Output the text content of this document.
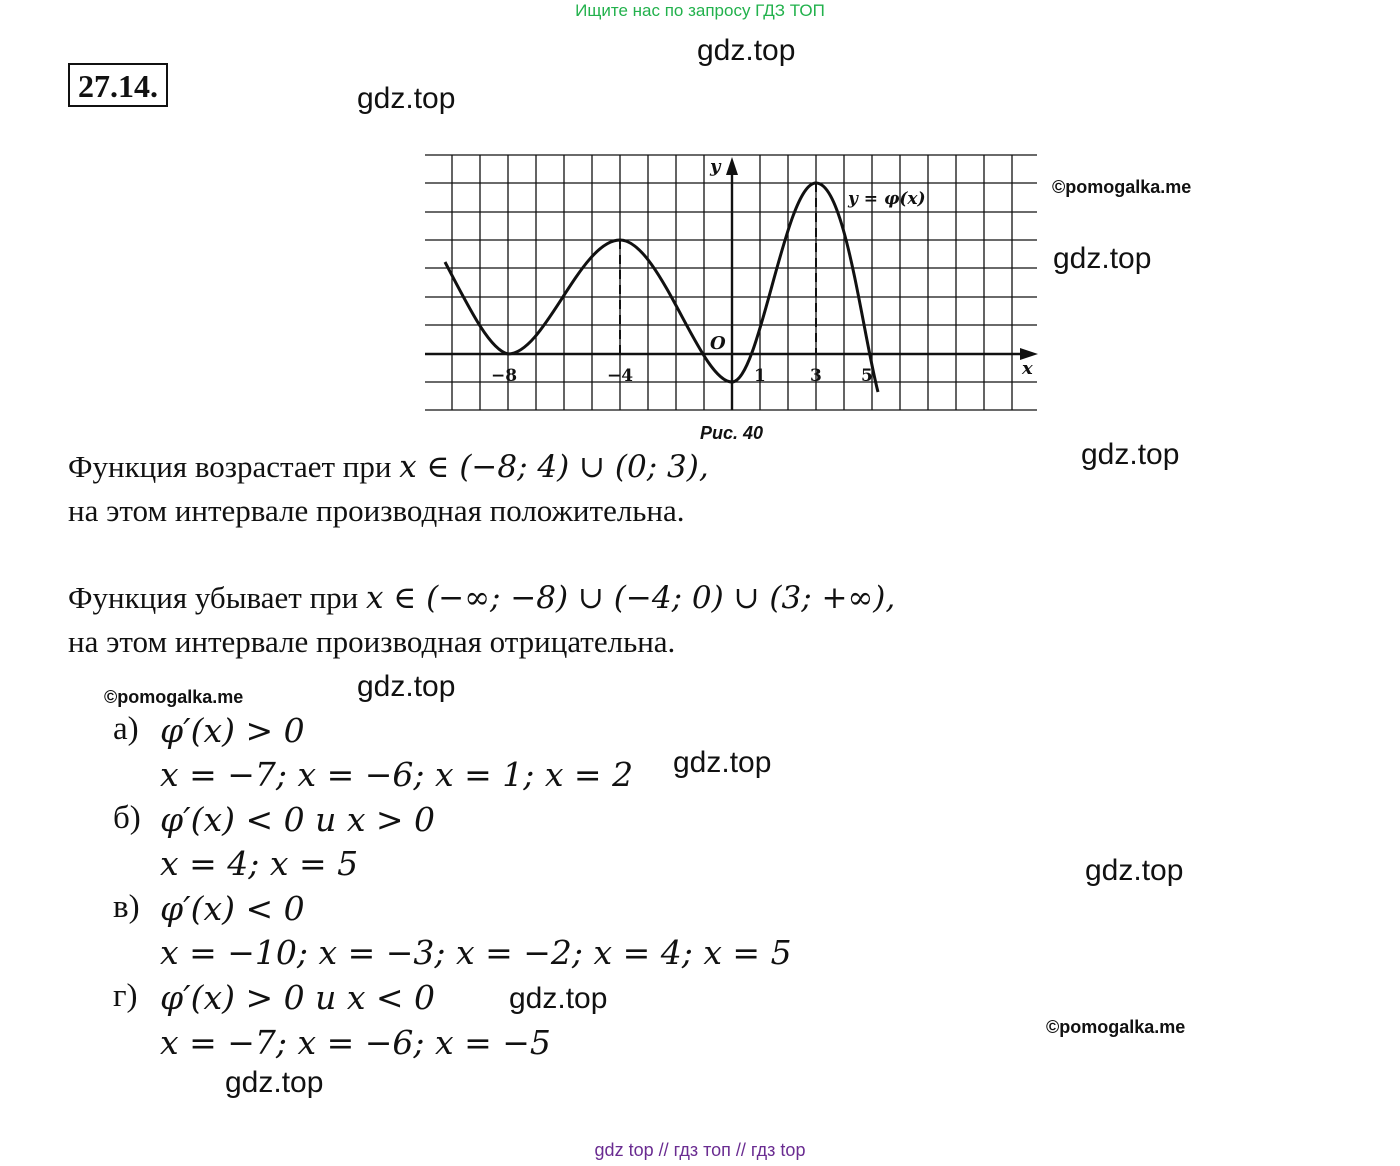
Ищите нас по запросу ГДЗ ТОП
27.14.
gdz.top
gdz.top
gdz.top
gdz.top
gdz.top
gdz.top
gdz.top
gdz.top
gdz.top
©pomogalka.me
©pomogalka.me
©pomogalka.me
y = φ(x)
y
x
O
−8	−4	1	3 5
Рис. 40
Функция возрастает при x ∈ (−8; 4) ∪ (0; 3),
на этом интервале производная положительна.
Функция убывает при x ∈ (−∞; −8) ∪ (−4; 0) ∪ (3; +∞),
на этом интервале производная отрицательна.
а) φ′(x) > 0
x = −7; x = −6; x = 1; x = 2
б) φ′(x) < 0 и x > 0
x = 4; x = 5
в) φ′(x) < 0
x = −10; x = −3; x = −2; x = 4; x = 5
г) φ′(x) > 0 и x < 0
x = −7; x = −6; x = −5
gdz top // гдз топ // гдз top
